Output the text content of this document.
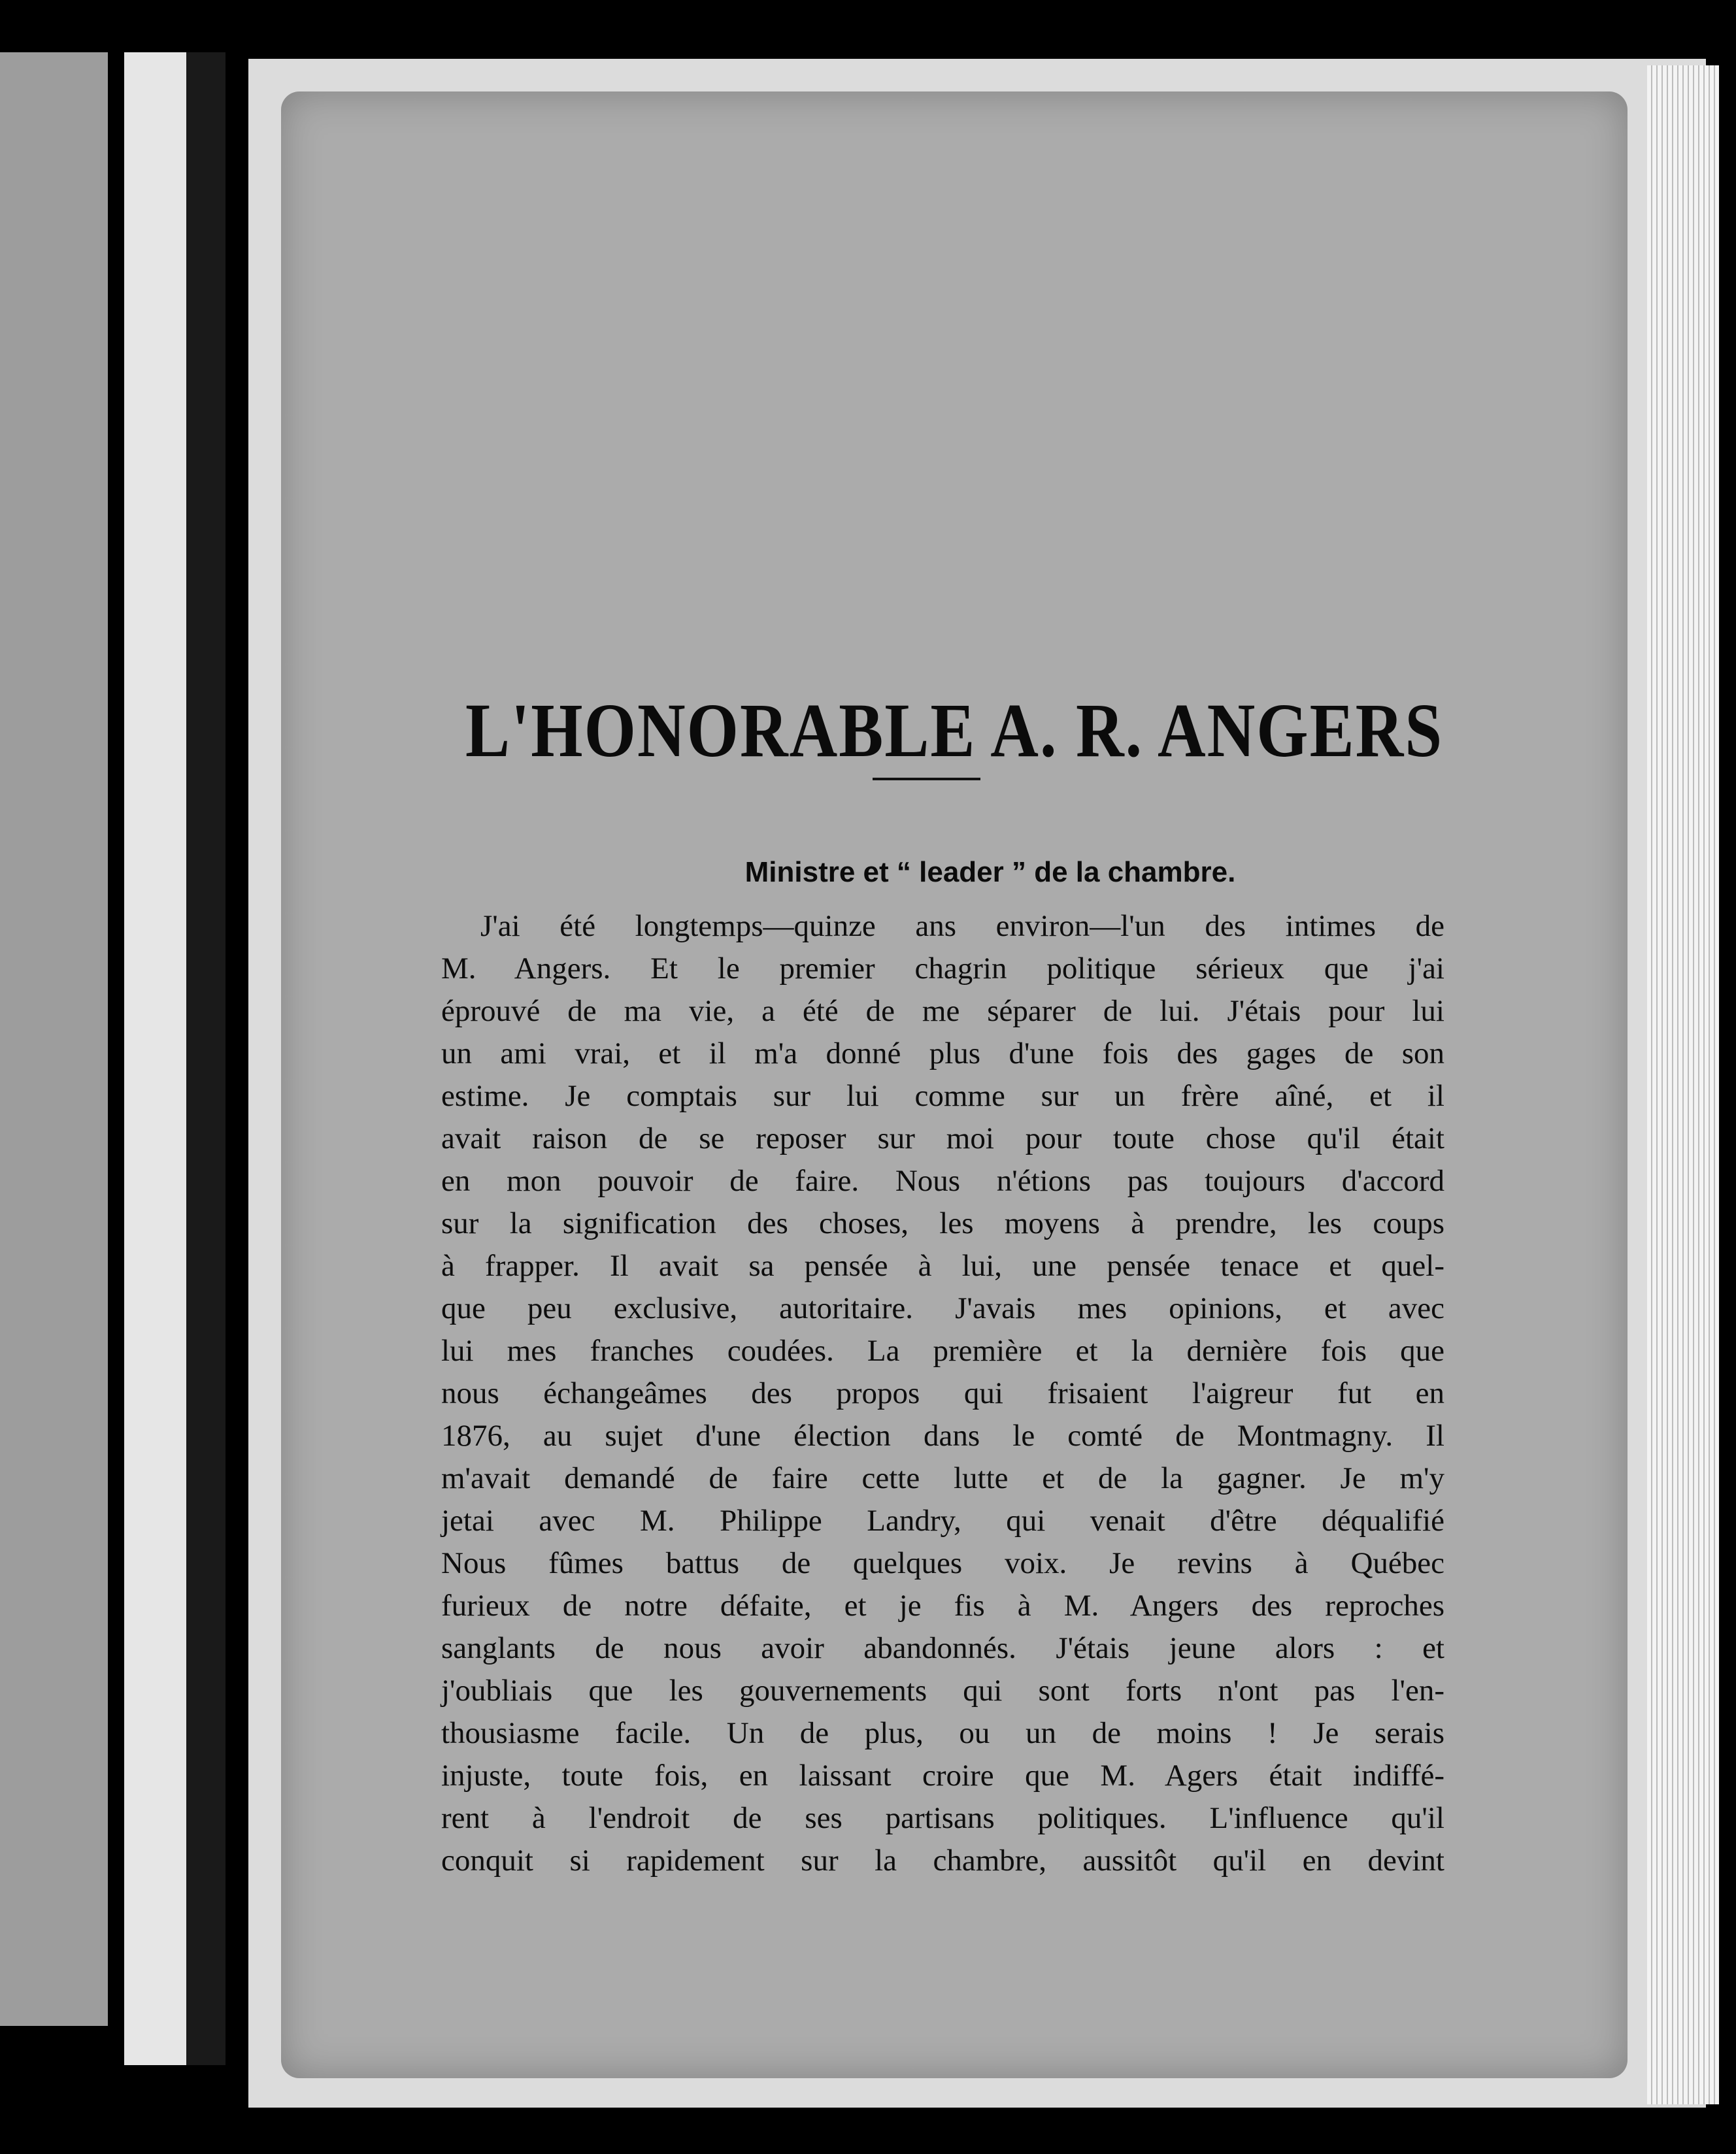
L'HONORABLE A. R. ANGERS
Ministre et “ leader ” de la chambre.
J'ai été longtemps—quinze ans environ—l'un des intimes de
M. Angers. Et le premier chagrin politique sérieux que j'ai
éprouvé de ma vie, a été de me séparer de lui. J'étais pour lui
un ami vrai, et il m'a donné plus d'une fois des gages de son
estime. Je comptais sur lui comme sur un frère aîné, et il
avait raison de se reposer sur moi pour toute chose qu'il était
en mon pouvoir de faire. Nous n'étions pas toujours d'accord
sur la signification des choses, les moyens à prendre, les coups
à frapper. Il avait sa pensée à lui, une pensée tenace et quel-
que peu exclusive, autoritaire. J'avais mes opinions, et avec
lui mes franches coudées. La première et la dernière fois que
nous échangeâmes des propos qui frisaient l'aigreur fut en
1876, au sujet d'une élection dans le comté de Montmagny. Il
m'avait demandé de faire cette lutte et de la gagner. Je m'y
jetai avec M. Philippe Landry, qui venait d'être déqualifié
Nous fûmes battus de quelques voix. Je revins à Québec
furieux de notre défaite, et je fis à M. Angers des reproches
sanglants de nous avoir abandonnés. J'étais jeune alors : et
j'oubliais que les gouvernements qui sont forts n'ont pas l'en-
thousiasme facile. Un de plus, ou un de moins ! Je serais
injuste, toute fois, en laissant croire que M. Agers était indiffé-
rent à l'endroit de ses partisans politiques. L'influence qu'il
conquit si rapidement sur la chambre, aussitôt qu'il en devint
